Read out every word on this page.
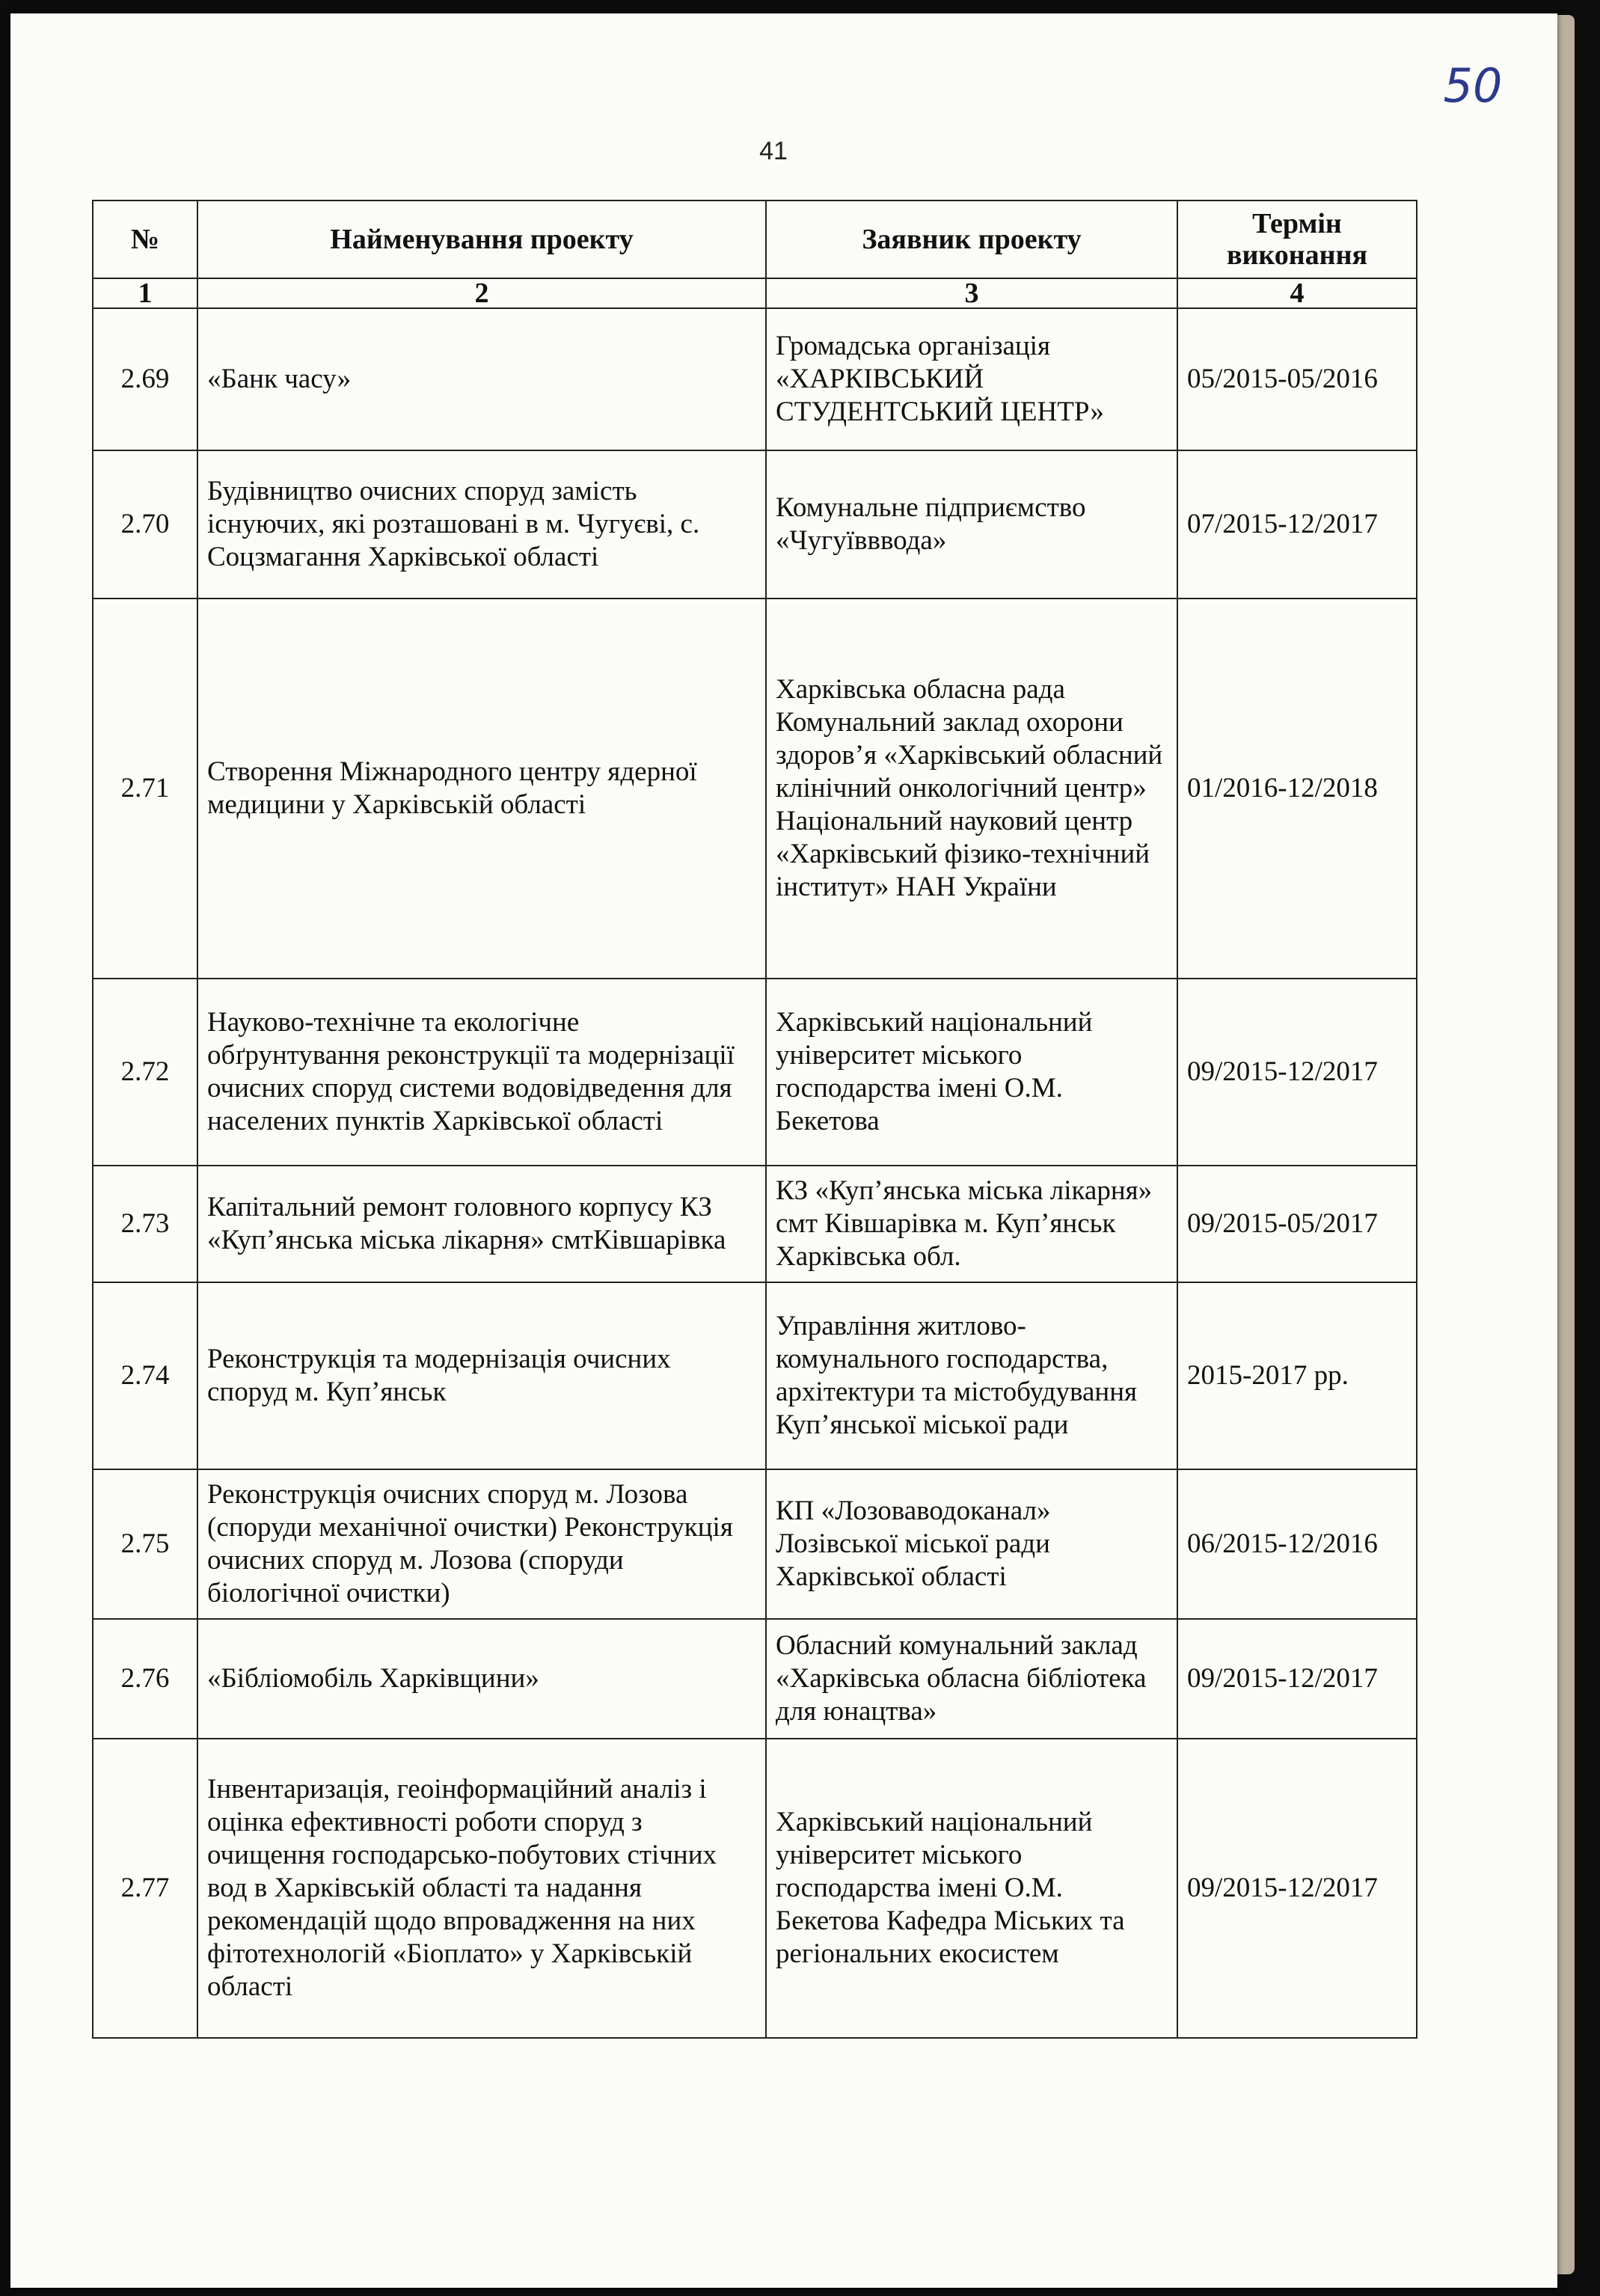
50
41
№	Найменування проекту	Заявник проекту	Термін виконання
1	2	3	4
2.69	«Банк часу»	Громадська організація «ХАРКІВСЬКИЙ СТУДЕНТСЬКИЙ ЦЕНТР»	05/2015-05/2016
2.70	Будівництво очисних споруд замість існуючих, які розташовані в м. Чугуєві, с. Соцзмагання Харківської області	Комунальне підприємство «Чугуївввода»	07/2015-12/2017
2.71	Створення Міжнародного центру ядерної медицини у Харківській області	Харківська обласна рада Комунальний заклад охорони здоров’я «Харківський обласний клінічний онкологічний центр» Національний науковий центр «Харківський фізико-технічний інститут» НАН України	01/2016-12/2018
2.72	Науково-технічне та екологічне обґрунтування реконструкції та модернізації очисних споруд системи водовідведення для населених пунктів Харківської області	Харківський національний університет міського господарства імені О.М. Бекетова	09/2015-12/2017
2.73	Капітальний ремонт головного корпусу КЗ «Куп’янська міська лікарня» смтКівшарівка	КЗ «Куп’янська міська лікарня» смт Ківшарівка м. Куп’янськ Харківська обл.	09/2015-05/2017
2.74	Реконструкція та модернізація очисних споруд м. Куп’янськ	Управління житлово-комунального господарства, архітектури та містобудування Куп’янської міської ради	2015-2017 рр.
2.75	Реконструкція очисних споруд м. Лозова (споруди механічної очистки) Реконструкція очисних споруд м. Лозова (споруди біологічної очистки)	КП «Лозоваводоканал» Лозівської міської ради Харківської області	06/2015-12/2016
2.76	«Бібліомобіль Харківщини»	Обласний комунальний заклад «Харківська обласна бібліотека для юнацтва»	09/2015-12/2017
2.77	Інвентаризація, геоінформаційний аналіз і оцінка ефективності роботи споруд з очищення господарсько-побутових стічних вод в Харківській області та надання рекомендацій щодо впровадження на них фітотехнологій «Біоплато» у Харківській області	Харківський національний університет міського господарства імені О.М. Бекетова Кафедра Міських та регіональних екосистем	09/2015-12/2017
